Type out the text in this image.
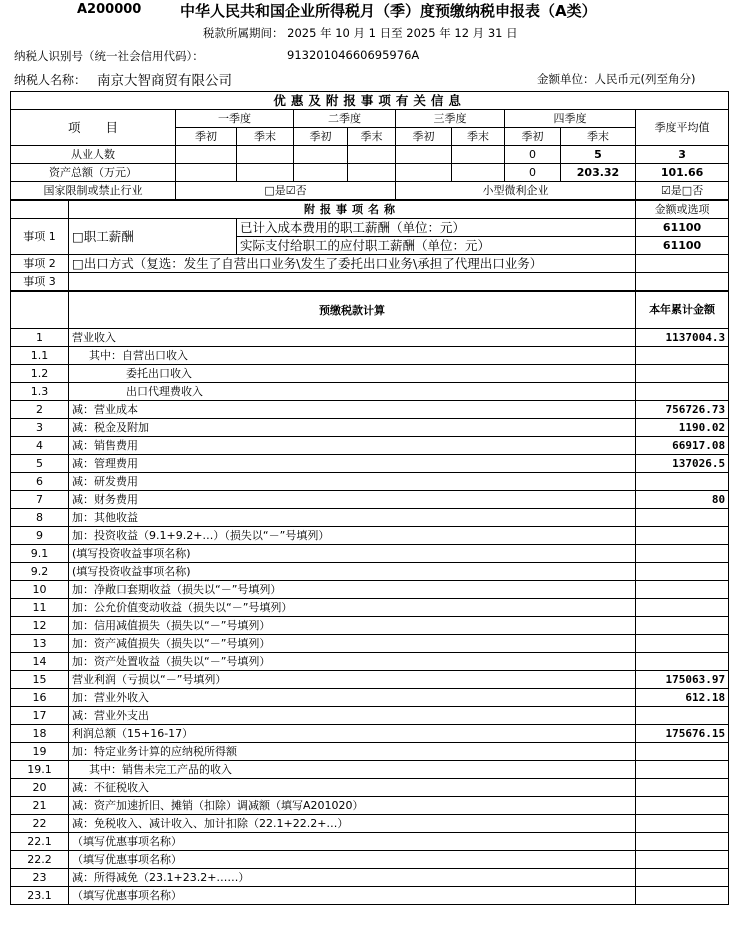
A200000	中华人民共和国企业所得税月（季）度预缴纳税申报表（A类）
税款所属期间： 2025 年 10 月 1 日至 2025 年 12 月 31 日
纳税人识别号（统一社会信用代码）：	91320104660695976A
纳税人名称： 南京大智商贸有限公司	金额单位：人民币元(列至角分)
优惠及附报事项有关信息										
项　　目		一季度		二季度		三季度		四季度		季度平均值
		季初	季末	季初	季末	季初	季末	季初	季末	
从业人数								0	5	3
资产总额（万元）								0	203.32	101.66
国家限制或禁止行业		□是☑否				小型微利企业				☑是□否
	附报事项名称									金额或选项
事项 1	□职工薪酬		已计入成本费用的职工薪酬（单位：元）							61100
			实际支付给职工的应付职工薪酬（单位：元）							61100
事项 2	□出口方式（复选：发生了自营出口业务\发生了委托出口业务\承担了代理出口业务）									
事项 3										
	预缴税款计算									本年累计金额
1	营业收入									1137004.3
1.1	其中：自营出口收入									
1.2	委托出口收入									
1.3	出口代理费收入									
2	减：营业成本									756726.73
3	减：税金及附加									1190.02
4	减：销售费用									66917.08
5	减：管理费用									137026.5
6	减：研发费用									
7	减：财务费用									80
8	加：其他收益									
9	加：投资收益（9.1+9.2+…）（损失以“－”号填列）									
9.1	(填写投资收益事项名称)									
9.2	(填写投资收益事项名称)									
10	加：净敞口套期收益（损失以“－”号填列）									
11	加：公允价值变动收益（损失以“－”号填列）									
12	加：信用减值损失（损失以“－”号填列）									
13	加：资产减值损失（损失以“－”号填列）									
14	加：资产处置收益（损失以“－”号填列）									
15	营业利润（亏损以“－”号填列）									175063.97
16	加：营业外收入									612.18
17	减：营业外支出									
18	利润总额（15+16-17）									175676.15
19	加：特定业务计算的应纳税所得额									
19.1	其中：销售未完工产品的收入									
20	减：不征税收入									
21	减：资产加速折旧、摊销（扣除）调减额（填写A201020）									
22	减：免税收入、减计收入、加计扣除（22.1+22.2+…）									
22.1	（填写优惠事项名称）									
22.2	（填写优惠事项名称）									
23	减：所得减免（23.1+23.2+……）									
23.1	（填写优惠事项名称）									
